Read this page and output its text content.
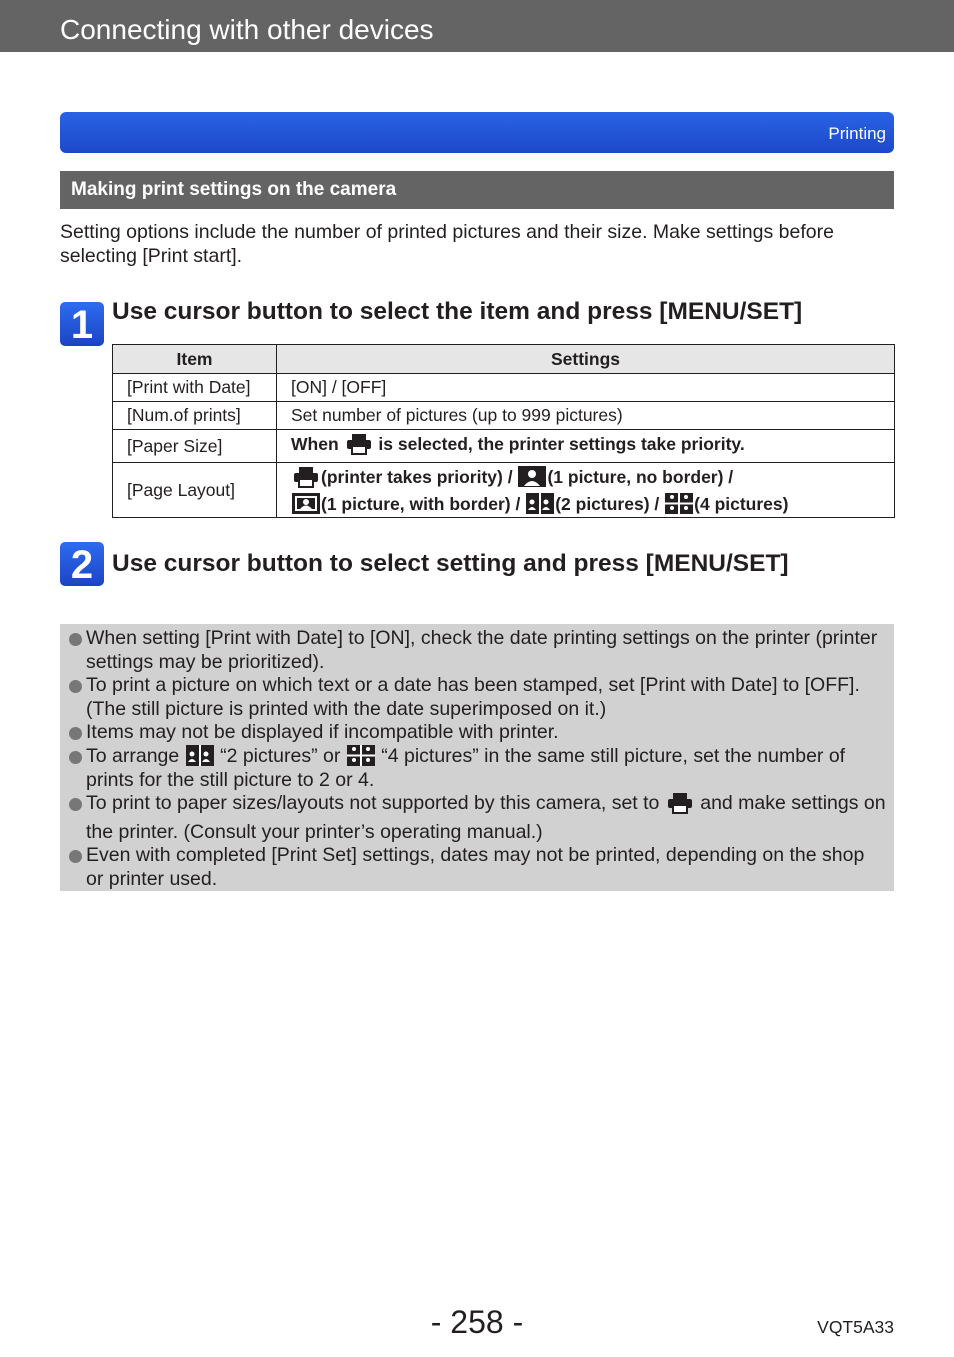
Connecting with other devices
Printing
Making print settings on the camera

Setting options include the number of printed pictures and their size. Make settings before selecting [Print start].

1 Use cursor button to select the item and press [MENU/SET]
Item	Settings
[Print with Date]	[ON] / [OFF]
[Num.of prints]	Set number of pictures (up to 999 pictures)
[Paper Size]	When is selected, the printer settings take priority.
[Page Layout]	(printer takes priority) / (1 picture, no border) /

(1 picture, with border) / (2 pictures) / (4 pictures)
2 Use cursor button to select setting and press [MENU/SET]
When setting [Print with Date] to [ON], check the date printing settings on the printer (printer settings may be prioritized).
To print a picture on which text or a date has been stamped, set [Print with Date] to [OFF]. (The still picture is printed with the date superimposed on it.)
Items may not be displayed if incompatible with printer.
To arrange “2 pictures” or “4 pictures” in the same still picture, set the number of prints for the still picture to 2 or 4.
To print to paper sizes/layouts not supported by this camera, set to and make settings on the printer. (Consult your printer’s operating manual.)
Even with completed [Print Set] settings, dates may not be printed, depending on the shop or printer used.
- 258 -	VQT5A33
